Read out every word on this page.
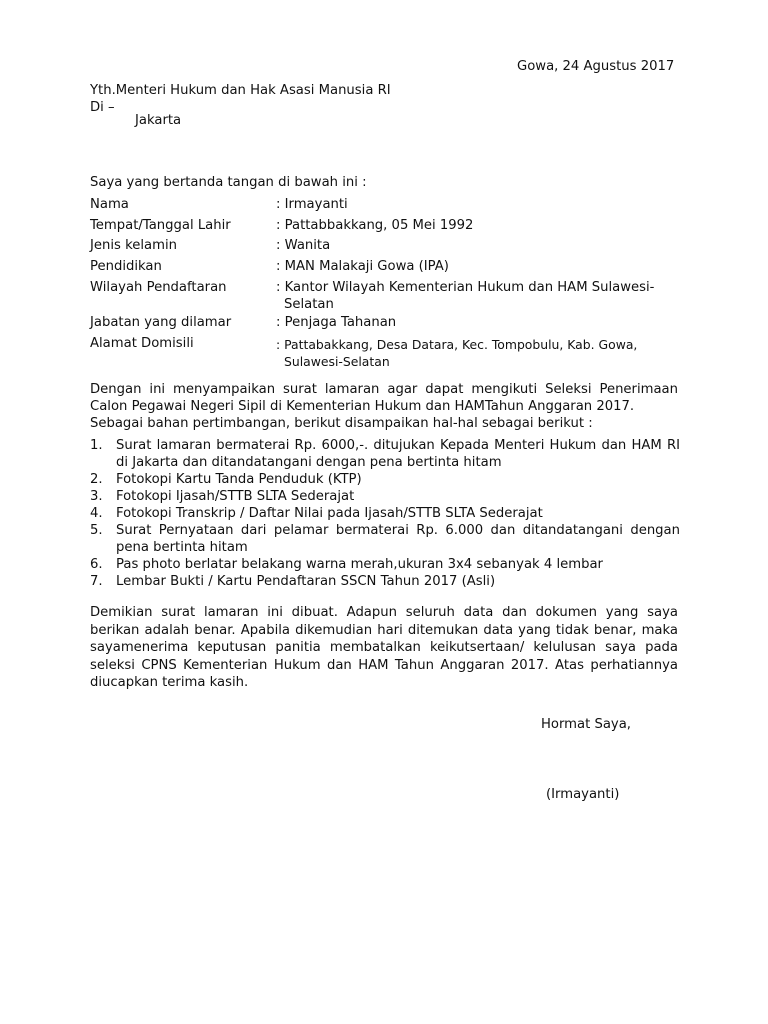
Gowa, 24 Agustus 2017
Yth.Menteri Hukum dan Hak Asasi Manusia RI
Di –
Jakarta
Saya yang bertanda tangan di bawah ini :
Nama	: Irmayanti
Tempat/Tanggal Lahir	: Pattabbakkang, 05 Mei 1992
Jenis kelamin	: Wanita
Pendidikan	: MAN Malakaji Gowa (IPA)
Wilayah Pendaftaran	: Kantor Wilayah Kementerian Hukum dan HAM Sulawesi-Selatan
Jabatan yang dilamar	: Penjaga Tahanan
Alamat Domisili	: Pattabakkang, Desa Datara, Kec. Tompobulu, Kab. Gowa, Sulawesi-Selatan
Dengan ini menyampaikan surat lamaran agar dapat mengikuti Seleksi Penerimaan Calon Pegawai Negeri Sipil di Kementerian Hukum dan HAMTahun Anggaran 2017.
Sebagai bahan pertimbangan, berikut disampaikan hal-hal sebagai berikut :
1. Surat lamaran bermaterai Rp. 6000,-. ditujukan Kepada Menteri Hukum dan HAM RI di Jakarta dan ditandatangani dengan pena bertinta hitam
2. Fotokopi Kartu Tanda Penduduk (KTP)
3. Fotokopi Ijasah/STTB SLTA Sederajat
4. Fotokopi Transkrip / Daftar Nilai pada Ijasah/STTB SLTA Sederajat
5. Surat Pernyataan dari pelamar bermaterai Rp. 6.000 dan ditandatangani dengan pena bertinta hitam
6. Pas photo berlatar belakang warna merah,ukuran 3x4 sebanyak 4 lembar
7. Lembar Bukti / Kartu Pendaftaran SSCN Tahun 2017 (Asli)
Demikian surat lamaran ini dibuat. Adapun seluruh data dan dokumen yang saya berikan adalah benar. Apabila dikemudian hari ditemukan data yang tidak benar, maka sayamenerima keputusan panitia membatalkan keikutsertaan/ kelulusan saya pada seleksi CPNS Kementerian Hukum dan HAM Tahun Anggaran 2017. Atas perhatiannya diucapkan terima kasih.
Hormat Saya,
(Irmayanti)
